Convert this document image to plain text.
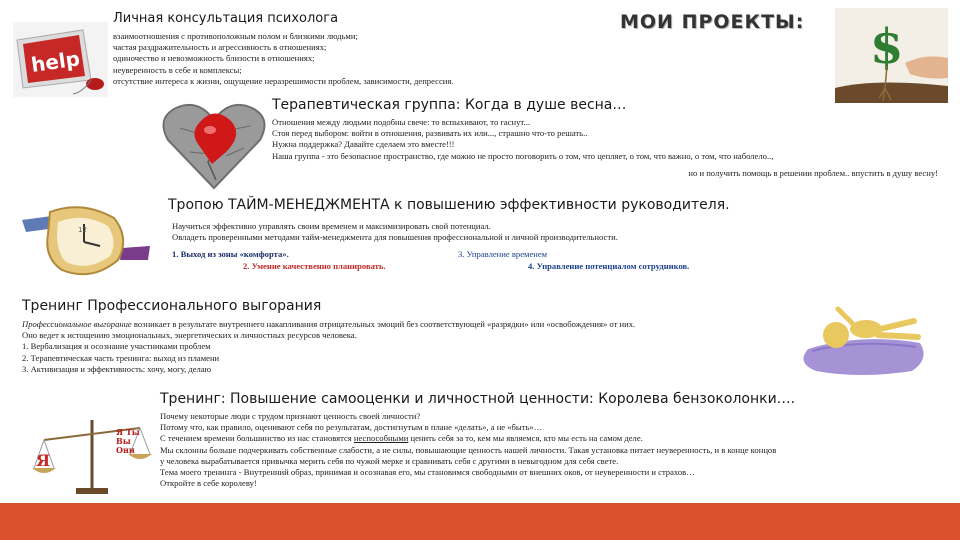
help
Личная консультация психолога
взаимоотношения с противоположным полом и близкими людьми;
частая раздражительность и агрессивность в отношениях;
одиночество и невозможность близости в отношениях;
неуверенность в себе и комплексы;
отсутствие интереса к жизни, ощущение неразрешимости проблем, зависимости, депрессия.
МОИ ПРОЕКТЫ: $
Терапевтическая группа: Когда в душе весна…
Отношения между людьми подобны свече: то вспыхивают, то гаснут...
Стоя перед выбором: войти в отношения, развивать их или..., страшно что-то решать..
Нужна поддержка? Давайте сделаем это вместе!!!
Наша группа - это безопасное пространство, где можно не просто поговорить о том, что цепляет, о том, что важно, о том, что наболело..,
но и получить помощь в решении проблем.. впустить в душу весну!
12
Тропою ТАЙМ-МЕНЕДЖМЕНТА к повышению эффективности руководителя.
Научиться эффективно управлять своим временем и максимизировать свой потенциал.
Овладеть проверенными методами тайм-менеджмента для повышения профессиональной и личной производительности.
1. Выход из зоны «комфорта».	3. Управление временем
2. Умение качественно планировать.	4. Управление потенциалом сотрудников.
Тренинг Профессионального выгорания
Профессиональное выгорание возникает в результате внутреннего накапливания отрицательных эмоций без соответствующей «разрядки» или «освобождения» от них.
Оно ведет к истощению эмоциональных, энергетических и личностных ресурсов человека.
1. Вербализация и осознание участниками проблем
2. Терапевтическая часть тренинга: выход из пламени
3. Активизация и эффективность: хочу, могу, делаю
Я
Я Ты Вы Они
Тренинг: Повышение самооценки и личностной ценности: Королева бензоколонки….
Почему некоторые люди с трудом признают ценность своей личности?
Потому что, как правило, оценивают себя по результатам, достигнутым в плане «делать», а не «быть»…
С течением времени большинство из нас становятся неспособными ценить себя за то, кем мы являемся, кто мы есть на самом деле.
Мы склонны больше подчеркивать собственные слабости, а не силы, повышающие ценность нашей личности. Такая установка питает неуверенность, и в конце концов
у человека вырабатывается привычка мерить себя по чужой мерке и сравнивать себя с другими в невыгодном для себя свете.
Тема моего тренинга - Внутренний образ, принимая и осознавая его, мы становимся свободными от внешних оков, от неуверенности и страхов…
Откройте в себе королеву!
